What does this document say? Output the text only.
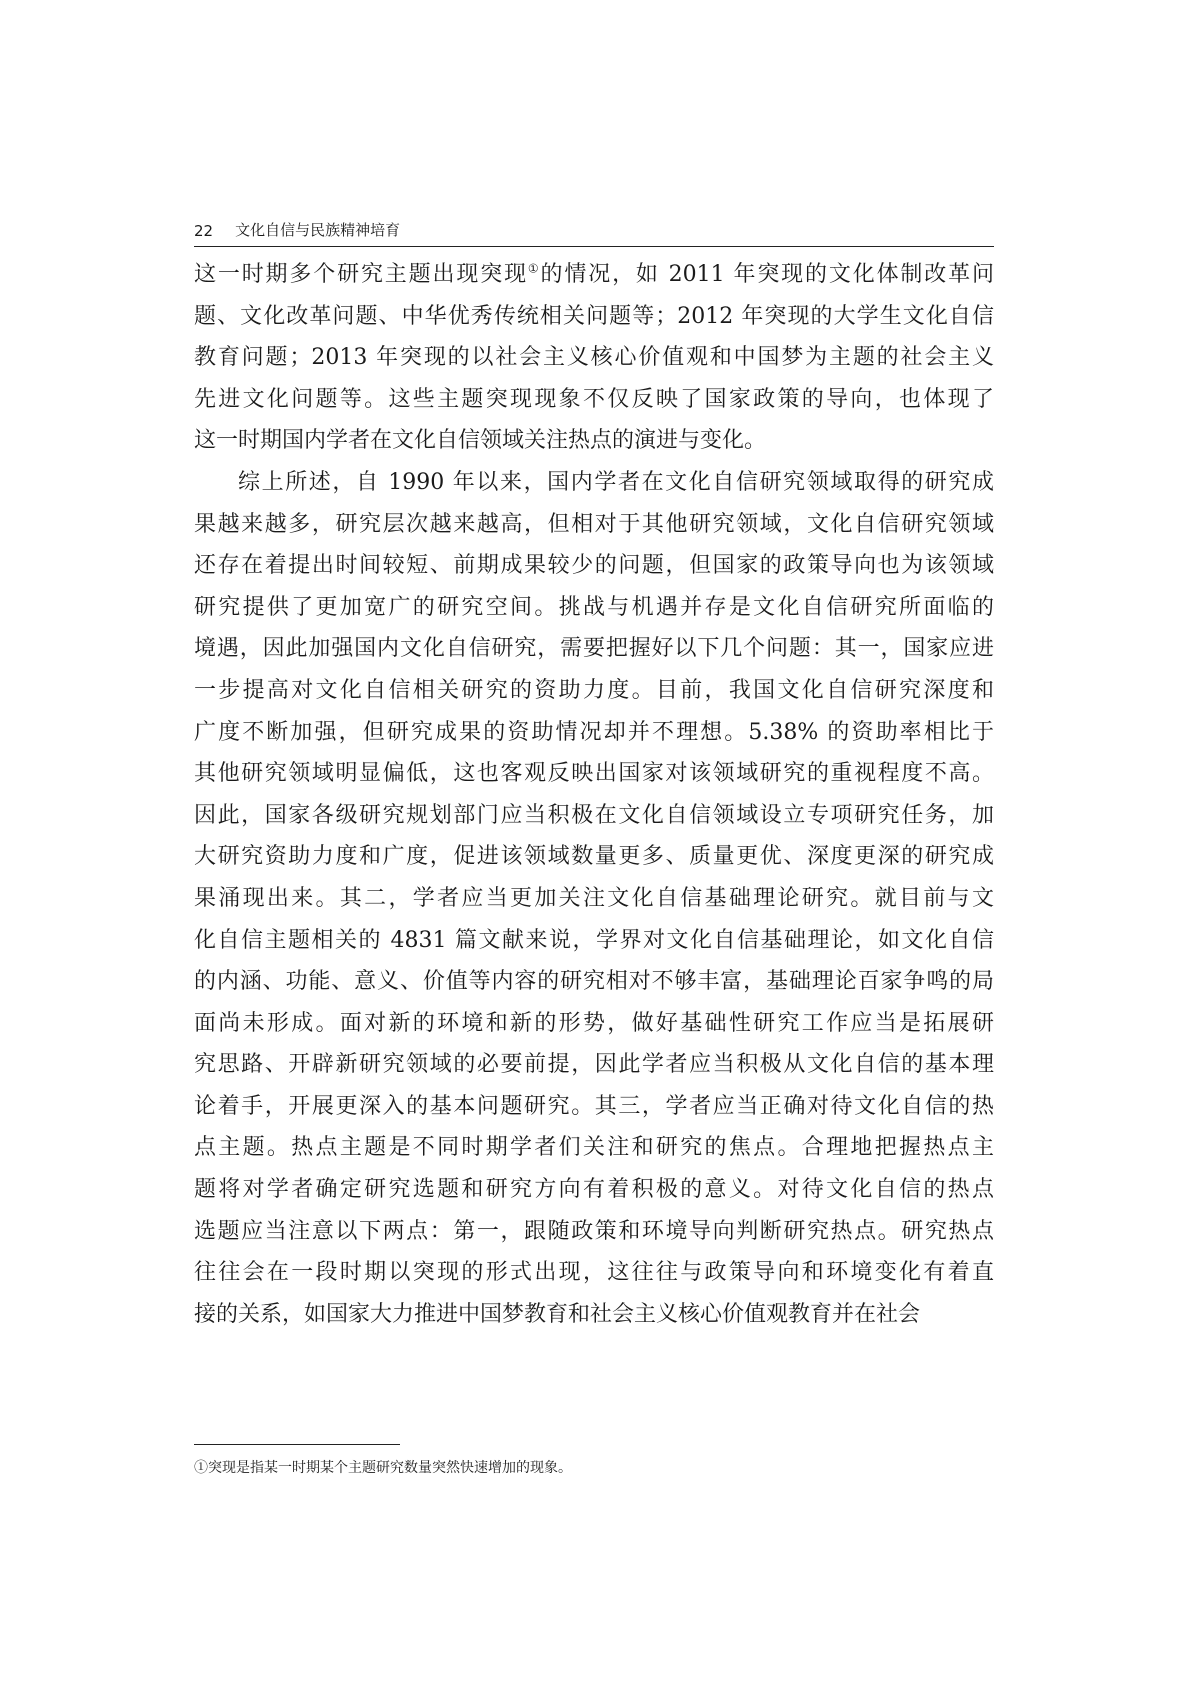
22 文化自信与民族精神培育
这一时期多个研究主题出现突现①的情况，如 2011 年突现的文化体制改革问
题、文化改革问题、中华优秀传统相关问题等；2012 年突现的大学生文化自信
教育问题；2013 年突现的以社会主义核心价值观和中国梦为主题的社会主义
先进文化问题等。这些主题突现现象不仅反映了国家政策的导向，也体现了
这一时期国内学者在文化自信领域关注热点的演进与变化。
综上所述，自 1990 年以来，国内学者在文化自信研究领域取得的研究成
果越来越多，研究层次越来越高，但相对于其他研究领域，文化自信研究领域
还存在着提出时间较短、前期成果较少的问题，但国家的政策导向也为该领域
研究提供了更加宽广的研究空间。挑战与机遇并存是文化自信研究所面临的
境遇，因此加强国内文化自信研究，需要把握好以下几个问题：其一，国家应进
一步提高对文化自信相关研究的资助力度。目前，我国文化自信研究深度和
广度不断加强，但研究成果的资助情况却并不理想。5.38% 的资助率相比于
其他研究领域明显偏低，这也客观反映出国家对该领域研究的重视程度不高。
因此，国家各级研究规划部门应当积极在文化自信领域设立专项研究任务，加
大研究资助力度和广度，促进该领域数量更多、质量更优、深度更深的研究成
果涌现出来。其二，学者应当更加关注文化自信基础理论研究。就目前与文
化自信主题相关的 4831 篇文献来说，学界对文化自信基础理论，如文化自信
的内涵、功能、意义、价值等内容的研究相对不够丰富，基础理论百家争鸣的局
面尚未形成。面对新的环境和新的形势，做好基础性研究工作应当是拓展研
究思路、开辟新研究领域的必要前提，因此学者应当积极从文化自信的基本理
论着手，开展更深入的基本问题研究。其三，学者应当正确对待文化自信的热
点主题。热点主题是不同时期学者们关注和研究的焦点。合理地把握热点主
题将对学者确定研究选题和研究方向有着积极的意义。对待文化自信的热点
选题应当注意以下两点：第一，跟随政策和环境导向判断研究热点。研究热点
往往会在一段时期以突现的形式出现，这往往与政策导向和环境变化有着直
接的关系，如国家大力推进中国梦教育和社会主义核心价值观教育并在社会
①突现是指某一时期某个主题研究数量突然快速增加的现象。
